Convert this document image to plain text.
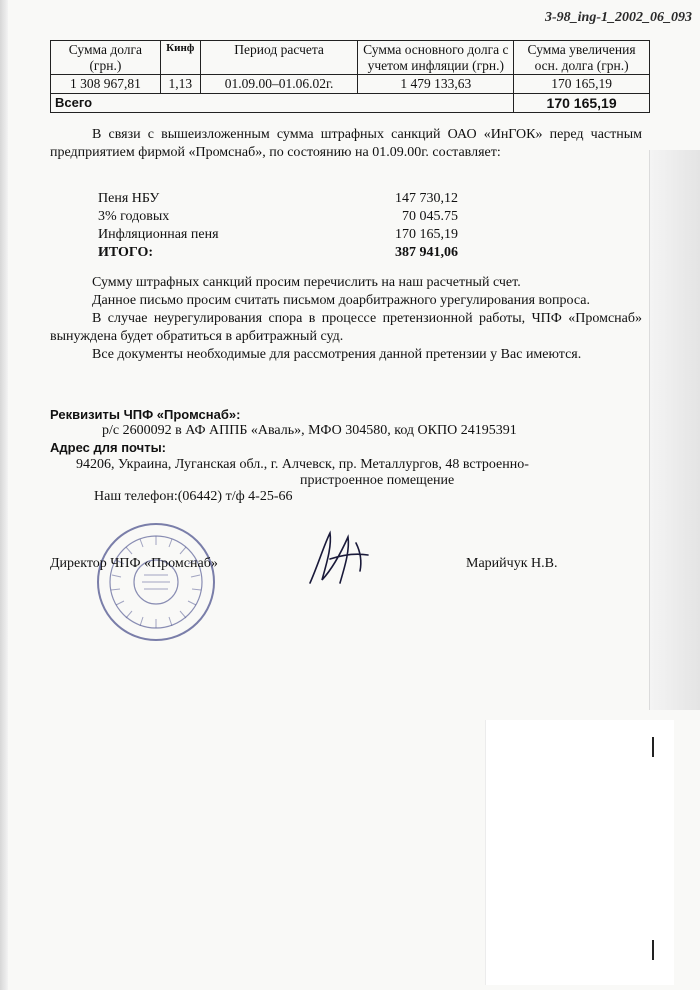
3-98_ing-1_2002_06_093
Сумма долга (грн.)	Кинф	Период расчета	Сумма основного долга с учетом инфляции (грн.)	Сумма увеличения осн. долга (грн.)
1 308 967,81	1,13	01.09.00–01.06.02г.	1 479 133,63	170 165,19
Всего				170 165,19

В связи с вышеизложенным сумма штрафных санкций ОАО «ИнГОК» перед частным предприятием фирмой «Промснаб», по состоянию на 01.09.00г. составляет:

Пеня НБУ	147 730,12
3% годовых	70 045.75
Инфляционная пеня	170 165,19
ИТОГО:	387 941,06

Сумму штрафных санкций просим перечислить на наш расчетный счет.

Данное письмо просим считать письмом доарбитражного урегулирования вопроса.

В случае неурегулирования спора в процессе претензионной работы, ЧПФ «Промснаб» вынуждена будет обратиться в арбитражный суд.

Все документы необходимые для рассмотрения данной претензии у Вас имеются.

Реквизиты ЧПФ «Промснаб»:
р/с 2600092 в АФ АППБ «Аваль», МФО 304580, код ОКПО 24195391
Адрес для почты:
94206, Украина, Луганская обл., г. Алчевск, пр. Металлургов, 48 встроенно-
пристроенное помещение
Наш телефон:(06442) т/ф 4-25-66
Директор ЧПФ «Промснаб»	Марийчук Н.В.
